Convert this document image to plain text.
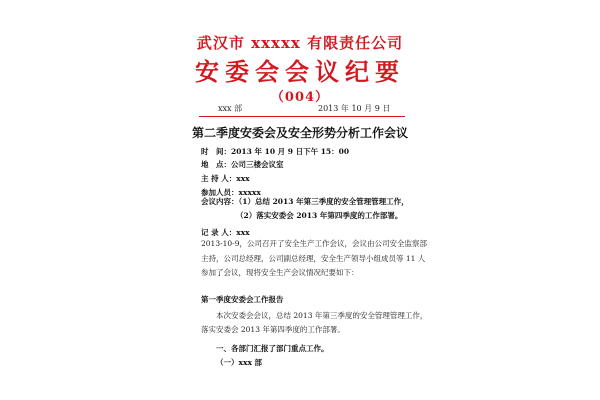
武汉市 xxxxx 有限责任公司
安委会会议纪要
（004）
xxx 部	2013 年 10 月 9 日
第二季度安委会及安全形势分析工作会议
时　间：2013 年 10 月 9 日下午 15：00
地　点：公司三楼会议室
主 持 人：xxx
参加人员：xxxxx
会议内容：（1）总结 2013 年第三季度的安全管理管理工作，
（2）落实安委会 2013 年第四季度的工作部署。
记 录 人：xxx
2013-10-9，公司召开了安全生产工作会议，会议由公司安全监察部
主持，公司总经理，公司副总经理，安全生产领导小组成员等 11 人
参加了会议，现将安全生产会议情况纪要如下：
第一季度安委会工作报告
本次安委会会议，总结 2013 年第三季度的安全管理管理工作，
落实安委会 2013 年第四季度的工作部署。
一、各部门汇报了部门重点工作。
（一）xxx 部
